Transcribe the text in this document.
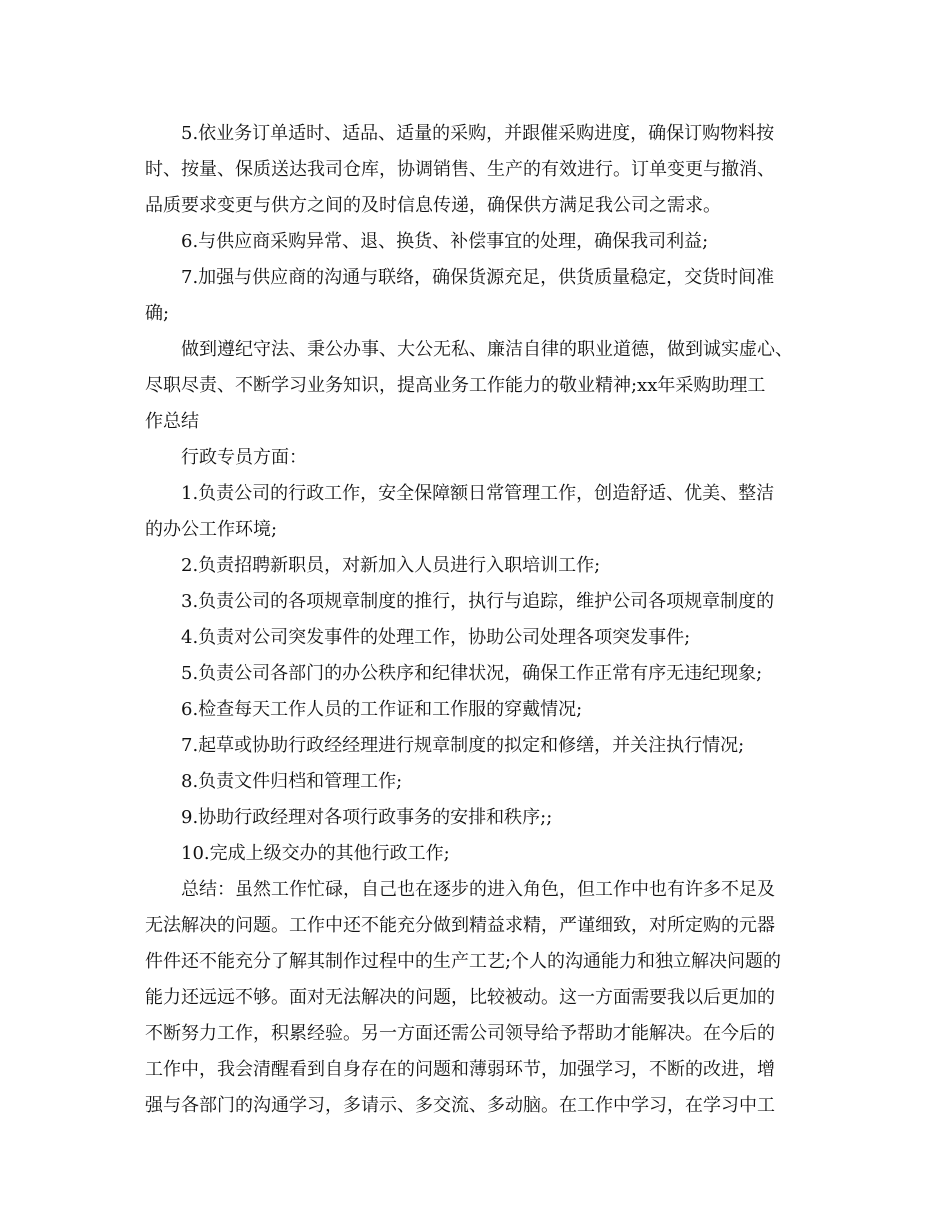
5.依业务订单适时、适品、适量的采购，并跟催采购进度，确保订购物料按
时、按量、保质送达我司仓库，协调销售、生产的有效进行。订单变更与撤消、
品质要求变更与供方之间的及时信息传递，确保供方满足我公司之需求。
6.与供应商采购异常、退、换货、补偿事宜的处理，确保我司利益;
7.加强与供应商的沟通与联络，确保货源充足，供货质量稳定，交货时间准
确;
做到遵纪守法、秉公办事、大公无私、廉洁自律的职业道德，做到诚实虚心、
尽职尽责、不断学习业务知识，提高业务工作能力的敬业精神;xx年采购助理工
作总结
行政专员方面：
1.负责公司的行政工作，安全保障额日常管理工作，创造舒适、优美、整洁
的办公工作环境;
2.负责招聘新职员，对新加入人员进行入职培训工作;
3.负责公司的各项规章制度的推行，执行与追踪，维护公司各项规章制度的
4.负责对公司突发事件的处理工作，协助公司处理各项突发事件;
5.负责公司各部门的办公秩序和纪律状况，确保工作正常有序无违纪现象;
6.检查每天工作人员的工作证和工作服的穿戴情况;
7.起草或协助行政经经理进行规章制度的拟定和修缮，并关注执行情况;
8.负责文件归档和管理工作;
9.协助行政经理对各项行政事务的安排和秩序;;
10.完成上级交办的其他行政工作;
总结：虽然工作忙碌，自己也在逐步的进入角色，但工作中也有许多不足及
无法解决的问题。工作中还不能充分做到精益求精，严谨细致，对所定购的元器
件件还不能充分了解其制作过程中的生产工艺;个人的沟通能力和独立解决问题的
能力还远远不够。面对无法解决的问题，比较被动。这一方面需要我以后更加的
不断努力工作，积累经验。另一方面还需公司领导给予帮助才能解决。在今后的
工作中，我会清醒看到自身存在的问题和薄弱环节，加强学习，不断的改进，增
强与各部门的沟通学习，多请示、多交流、多动脑。在工作中学习，在学习中工
